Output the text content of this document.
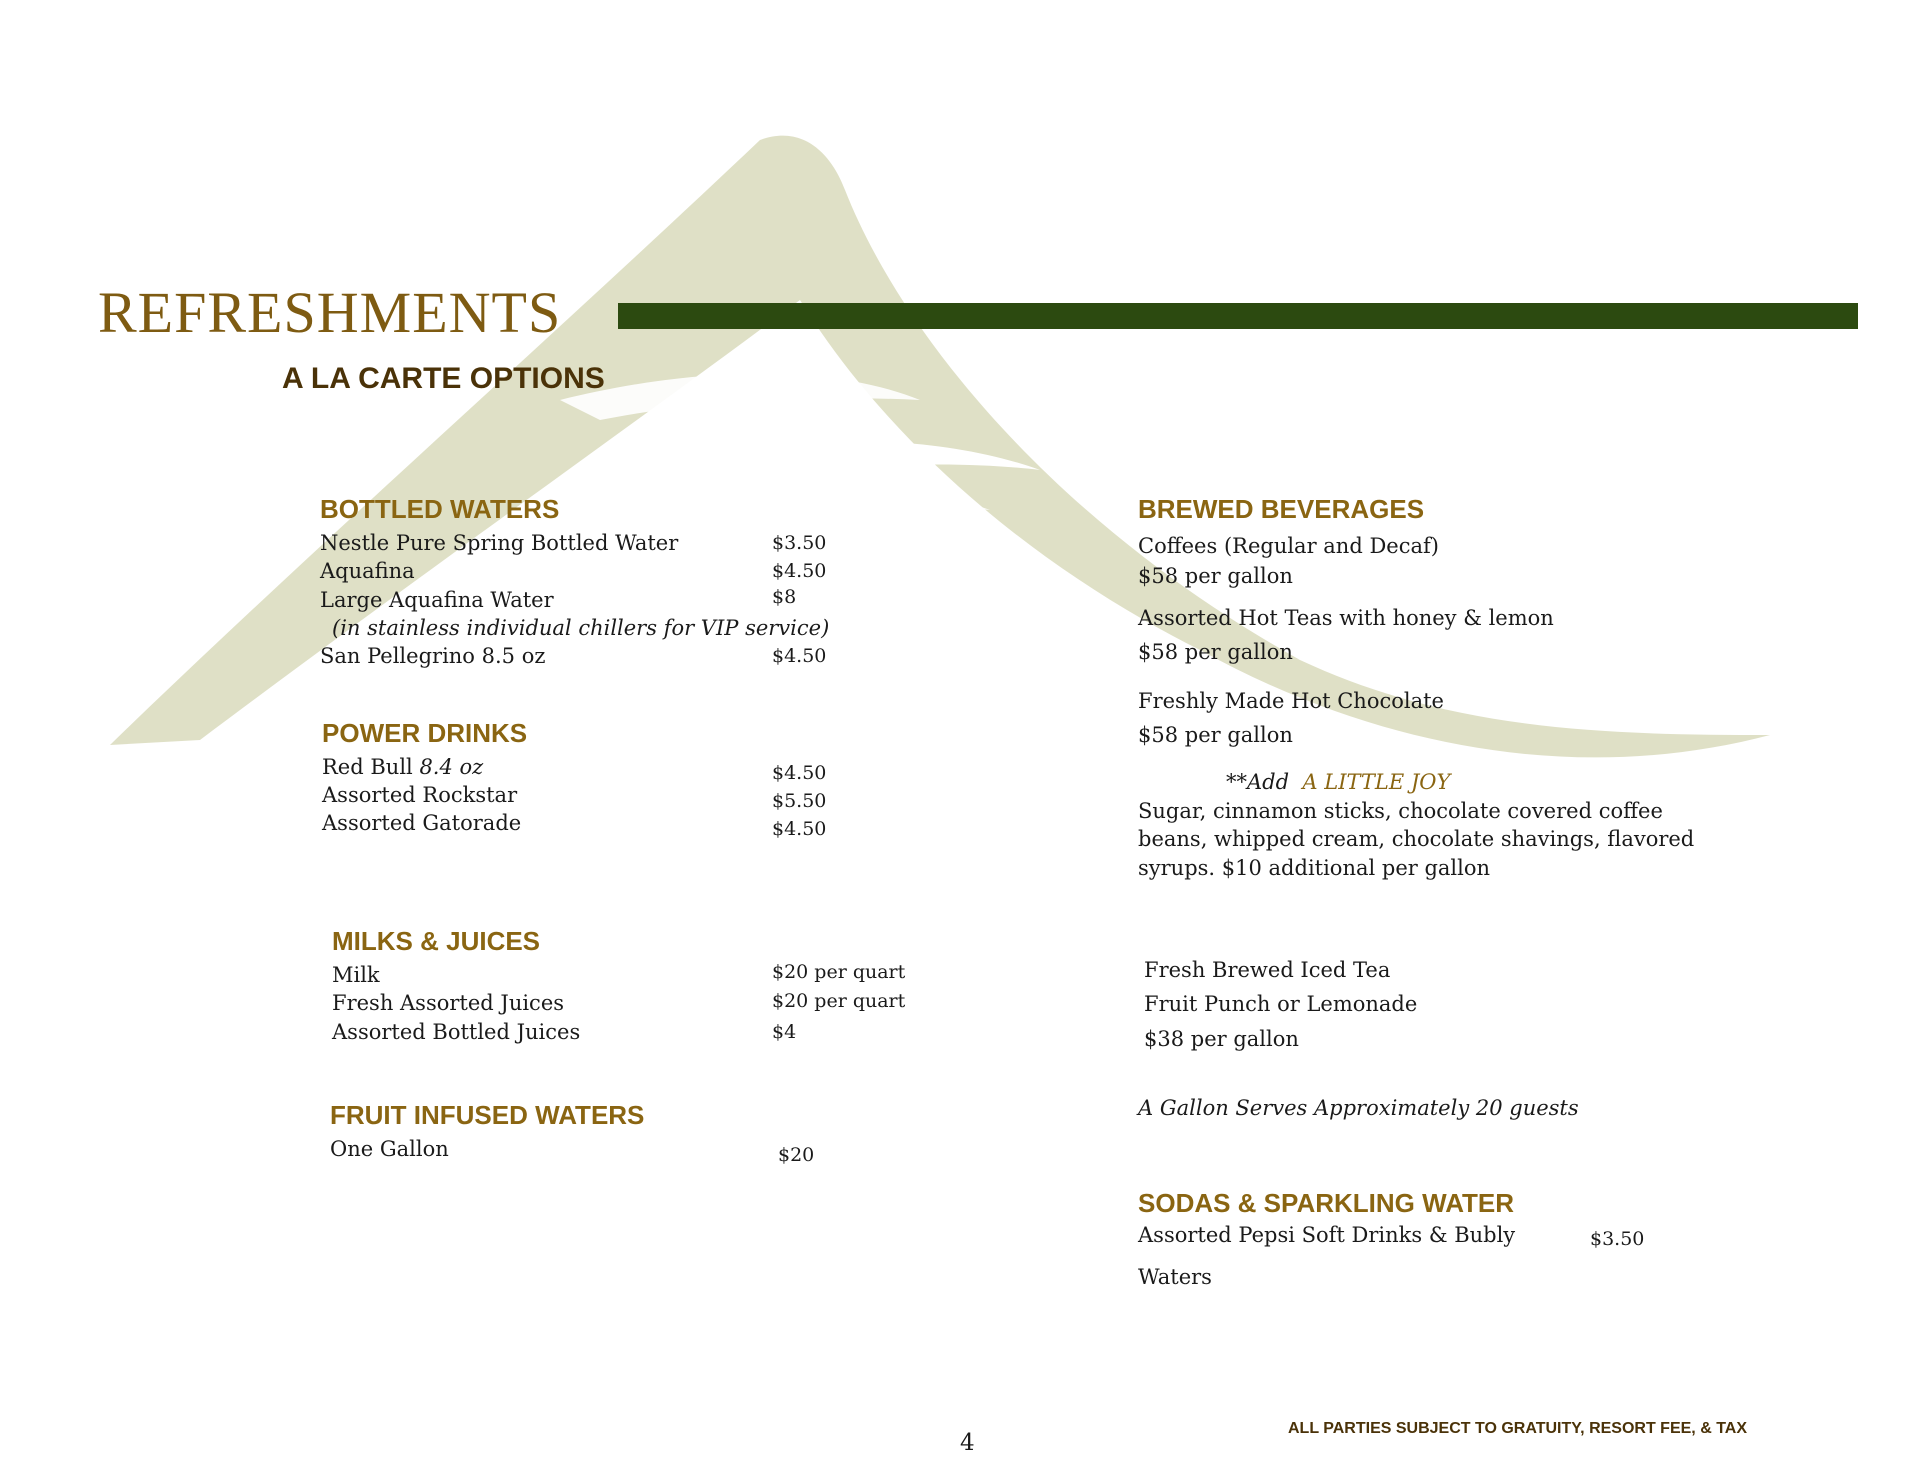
REFRESHMENTS
A LA CARTE OPTIONS
BOTTLED WATERS
Nestle Pure Spring Bottled Water	$3.50
Aquafina	$4.50
Large Aquafina Water	$8
(in stainless individual chillers for VIP service)
San Pellegrino 8.5 oz	$4.50
POWER DRINKS
Red Bull 8.4 oz	$4.50
Assorted Rockstar	$5.50
Assorted Gatorade	$4.50
MILKS & JUICES
Milk	$20 per quart
Fresh Assorted Juices	$20 per quart
Assorted Bottled Juices	$4
FRUIT INFUSED WATERS
One Gallon	$20
BREWED BEVERAGES
Coffees (Regular and Decaf)
$58 per gallon
Assorted Hot Teas with honey & lemon
$58 per gallon
Freshly Made Hot Chocolate
$58 per gallon
**Add A LITTLE JOY
Sugar, cinnamon sticks, chocolate covered coffee
beans, whipped cream, chocolate shavings, flavored
syrups. $10 additional per gallon
Fresh Brewed Iced Tea
Fruit Punch or Lemonade
$38 per gallon
A Gallon Serves Approximately 20 guests
SODAS & SPARKLING WATER
Assorted Pepsi Soft Drinks & Bubly	$3.50
Waters
4
ALL PARTIES SUBJECT TO GRATUITY, RESORT FEE, & TAX
